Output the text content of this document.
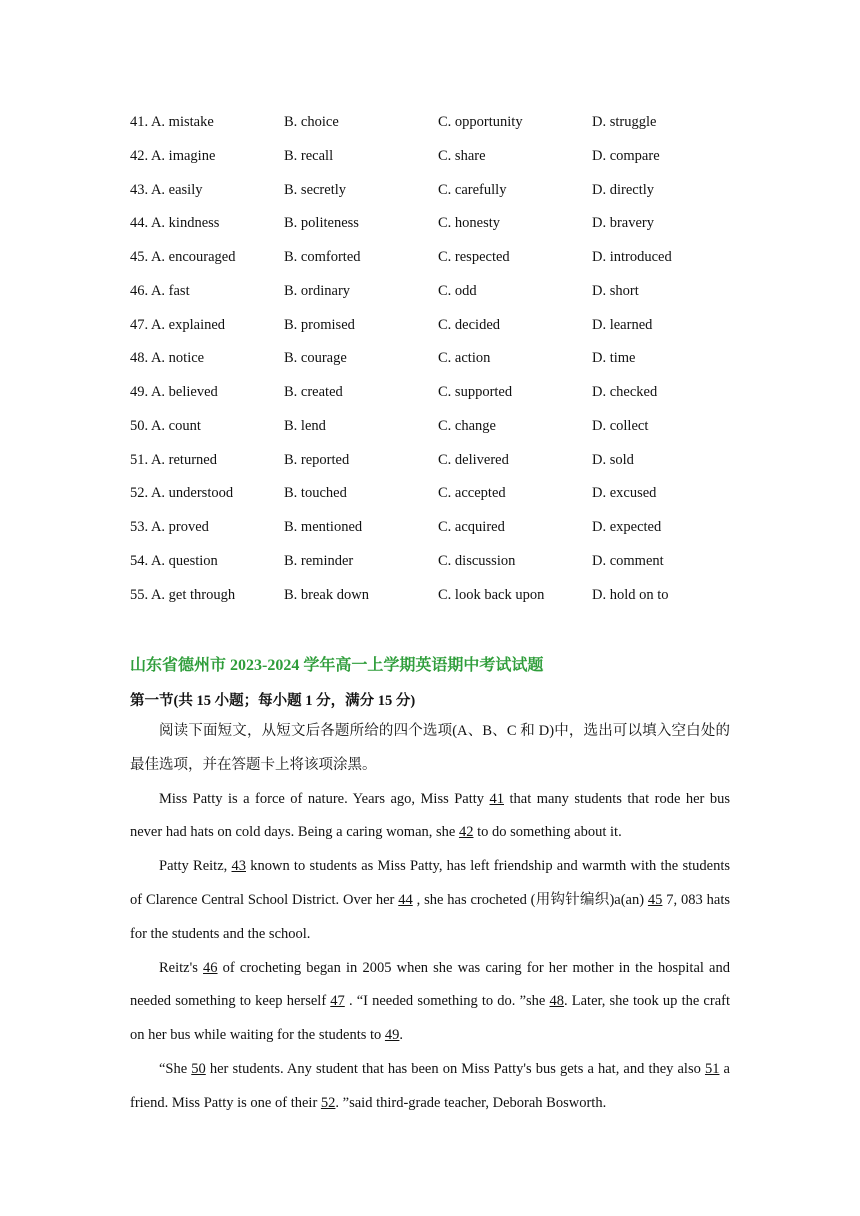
41. A. mistake	B. choice	C. opportunity	D. struggle
42. A. imagine	B. recall	C. share	D. compare
43. A. easily	B. secretly	C. carefully	D. directly
44. A. kindness	B. politeness	C. honesty	D. bravery
45. A. encouraged	B. comforted	C. respected	D. introduced
46. A. fast	B. ordinary	C. odd	D. short
47. A. explained	B. promised	C. decided	D. learned
48. A. notice	B. courage	C. action	D. time
49. A. believed	B. created	C. supported	D. checked
50. A. count	B. lend	C. change	D. collect
51. A. returned	B. reported	C. delivered	D. sold
52. A. understood	B. touched	C. accepted	D. excused
53. A. proved	B. mentioned	C. acquired	D. expected
54. A. question	B. reminder	C. discussion	D. comment
55. A. get through	B. break down	C. look back upon	D. hold on to
山东省德州市 2023-2024 学年高一上学期英语期中考试试题
第一节(共 15 小题；每小题 1 分，满分 15 分)

阅读下面短文，从短文后各题所给的四个选项(A、B、C 和 D)中，选出可以填入空白处的最佳选项，并在答题卡上将该项涂黑。

Miss Patty is a force of nature. Years ago, Miss Patty 41 that many students that rode her bus never had hats on cold days. Being a caring woman, she 42 to do something about it.

Patty Reitz, 43 known to students as Miss Patty, has left friendship and warmth with the students of Clarence Central School District. Over her 44 , she has crocheted (用钩针编织)a(an) 45 7, 083 hats for the students and the school.

Reitz's 46 of crocheting began in 2005 when she was caring for her mother in the hospital and needed something to keep herself 47 . “I needed something to do. ”she 48. Later, she took up the craft on her bus while waiting for the students to 49.

“She 50 her students. Any student that has been on Miss Patty's bus gets a hat, and they also 51 a friend. Miss Patty is one of their 52. ”said third-grade teacher, Deborah Bosworth.
